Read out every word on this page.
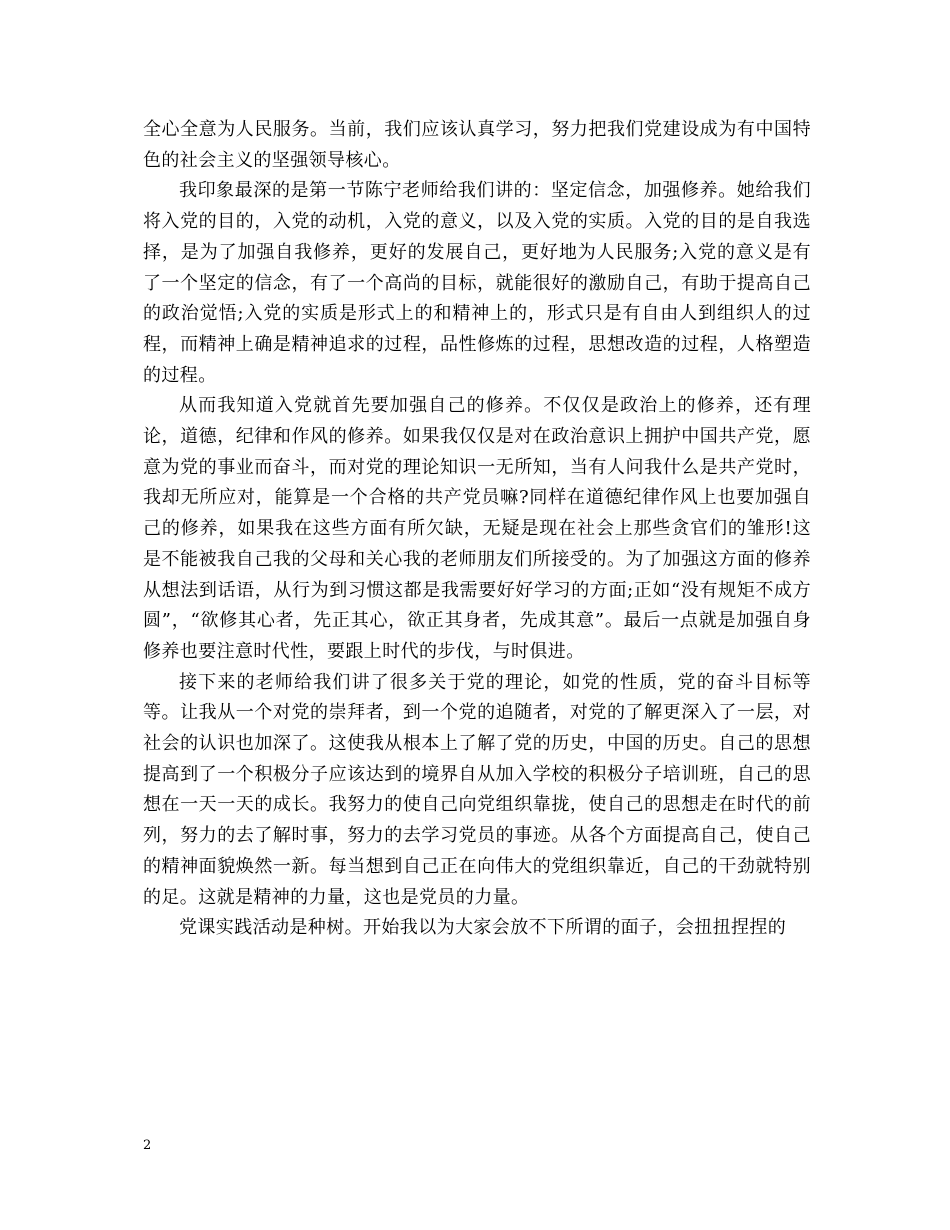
全心全意为人民服务。当前，我们应该认真学习，努力把我们党建设成为有中国特色的社会主义的坚强领导核心。

我印象最深的是第一节陈宁老师给我们讲的：坚定信念，加强修养。她给我们将入党的目的，入党的动机，入党的意义，以及入党的实质。入党的目的是自我选择，是为了加强自我修养，更好的发展自己，更好地为人民服务;入党的意义是有了一个坚定的信念，有了一个高尚的目标，就能很好的激励自己，有助于提高自己的政治觉悟;入党的实质是形式上的和精神上的，形式只是有自由人到组织人的过程，而精神上确是精神追求的过程，品性修炼的过程，思想改造的过程，人格塑造的过程。

从而我知道入党就首先要加强自己的修养。不仅仅是政治上的修养，还有理论，道德，纪律和作风的修养。如果我仅仅是对在政治意识上拥护中国共产党，愿意为党的事业而奋斗，而对党的理论知识一无所知，当有人问我什么是共产党时，我却无所应对，能算是一个合格的共产党员嘛?同样在道德纪律作风上也要加强自己的修养，如果我在这些方面有所欠缺，无疑是现在社会上那些贪官们的雏形!这是不能被我自己我的父母和关心我的老师朋友们所接受的。为了加强这方面的修养从想法到话语，从行为到习惯这都是我需要好好学习的方面;正如“没有规矩不成方圆”，“欲修其心者，先正其心，欲正其身者，先成其意”。最后一点就是加强自身修养也要注意时代性，要跟上时代的步伐，与时俱进。

接下来的老师给我们讲了很多关于党的理论，如党的性质，党的奋斗目标等等。让我从一个对党的崇拜者，到一个党的追随者，对党的了解更深入了一层，对社会的认识也加深了。这使我从根本上了解了党的历史，中国的历史。自己的思想提高到了一个积极分子应该达到的境界自从加入学校的积极分子培训班，自己的思想在一天一天的成长。我努力的使自己向党组织靠拢，使自己的思想走在时代的前列，努力的去了解时事，努力的去学习党员的事迹。从各个方面提高自己，使自己的精神面貌焕然一新。每当想到自己正在向伟大的党组织靠近，自己的干劲就特别的足。这就是精神的力量，这也是党员的力量。

党课实践活动是种树。开始我以为大家会放不下所谓的面子，会扭扭捏捏的

2
